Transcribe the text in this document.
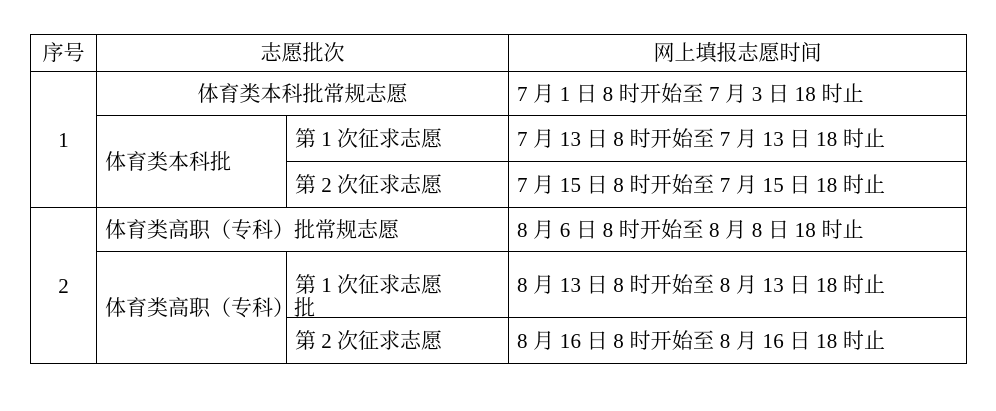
序号	志愿批次		网上填报志愿时间
1	体育类本科批常规志愿		7 月 1 日 8 时开始至 7 月 3 日 18 时止
	体育类本科批	第 1 次征求志愿	7 月 13 日 8 时开始至 7 月 13 日 18 时止
		第 2 次征求志愿	7 月 15 日 8 时开始至 7 月 15 日 18 时止
2	体育类高职（专科）批常规志愿		8 月 6 日 8 时开始至 8 月 8 日 18 时止
	体育类高职（专科）批	第 1 次征求志愿	8 月 13 日 8 时开始至 8 月 13 日 18 时止
		第 2 次征求志愿	8 月 16 日 8 时开始至 8 月 16 日 18 时止
